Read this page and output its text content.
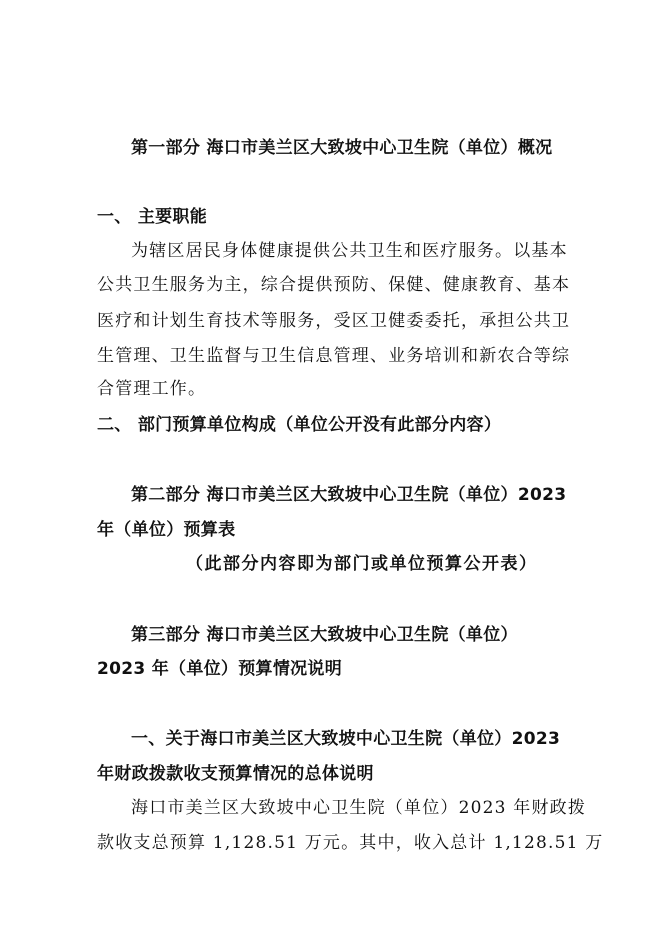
第一部分 海口市美兰区大致坡中心卫生院（单位）概况
一、 主要职能
为辖区居民身体健康提供公共卫生和医疗服务。以基本
公共卫生服务为主，综合提供预防、保健、健康教育、基本
医疗和计划生育技术等服务，受区卫健委委托，承担公共卫
生管理、卫生监督与卫生信息管理、业务培训和新农合等综
合管理工作。
二、 部门预算单位构成（单位公开没有此部分内容）
第二部分 海口市美兰区大致坡中心卫生院（单位）2023
年（单位）预算表
（此部分内容即为部门或单位预算公开表）
第三部分 海口市美兰区大致坡中心卫生院（单位）
2023 年（单位）预算情况说明
一、关于海口市美兰区大致坡中心卫生院（单位）2023
年财政拨款收支预算情况的总体说明
海口市美兰区大致坡中心卫生院（单位）2023 年财政拨
款收支总预算 1,128.51 万元。其中，收入总计 1,128.51 万
